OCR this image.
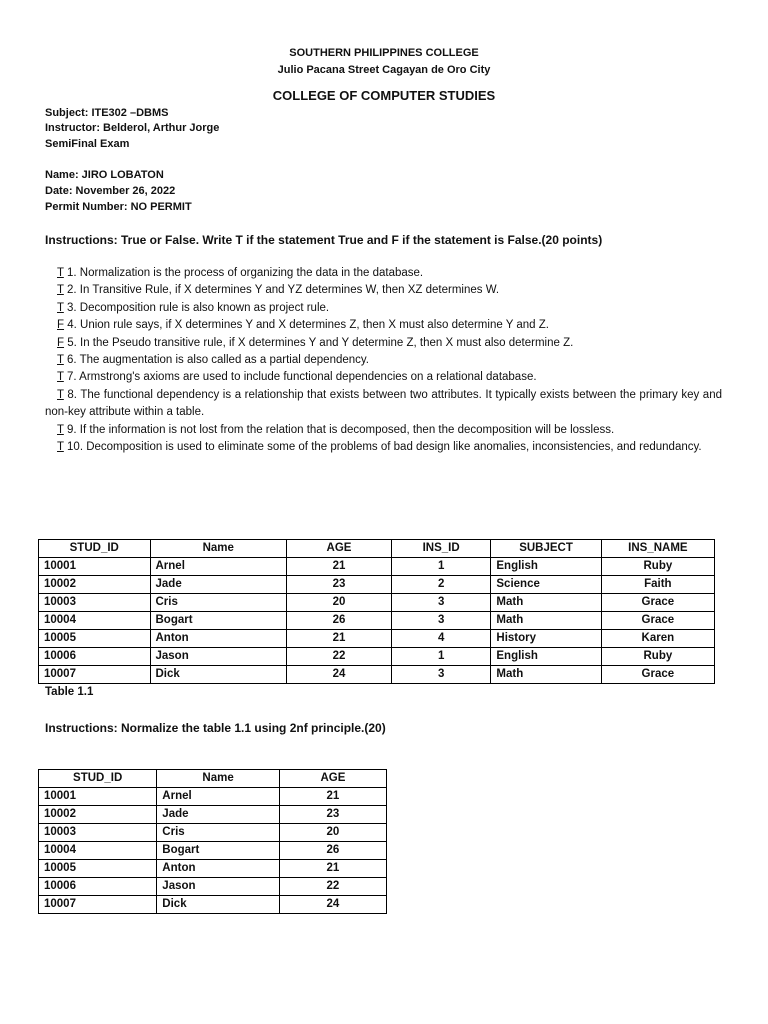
SOUTHERN PHILIPPINES COLLEGE
Julio Pacana Street Cagayan de Oro City
COLLEGE OF COMPUTER STUDIES
Subject: ITE302 –DBMS
Instructor: Belderol, Arthur Jorge
SemiFinal Exam
Name: JIRO LOBATON
Date: November 26, 2022
Permit Number: NO PERMIT
Instructions: True or False. Write T if the statement True and F if the statement is False.(20 points)
T 1. Normalization is the process of organizing the data in the database.
T 2. In Transitive Rule, if X determines Y and YZ determines W, then XZ determines W.
T 3. Decomposition rule is also known as project rule.
F 4. Union rule says, if X determines Y and X determines Z, then X must also determine Y and Z.
F 5. In the Pseudo transitive rule, if X determines Y and Y determine Z, then X must also determine Z.
T 6. The augmentation is also called as a partial dependency.
T 7. Armstrong's axioms are used to include functional dependencies on a relational database.
T 8. The functional dependency is a relationship that exists between two attributes. It typically exists between the primary key and non-key attribute within a table.
T 9. If the information is not lost from the relation that is decomposed, then the decomposition will be lossless.
T 10. Decomposition is used to eliminate some of the problems of bad design like anomalies, inconsistencies, and redundancy.
STUD_ID	Name	AGE	INS_ID	SUBJECT	INS_NAME
10001	Arnel	21	1	English	Ruby
10002	Jade	23	2	Science	Faith
10003	Cris	20	3	Math	Grace
10004	Bogart	26	3	Math	Grace
10005	Anton	21	4	History	Karen
10006	Jason	22	1	English	Ruby
10007	Dick	24	3	Math	Grace
Table 1.1
Instructions: Normalize the table 1.1 using 2nf principle.(20)
STUD_ID	Name	AGE
10001	Arnel	21
10002	Jade	23
10003	Cris	20
10004	Bogart	26
10005	Anton	21
10006	Jason	22
10007	Dick	24
